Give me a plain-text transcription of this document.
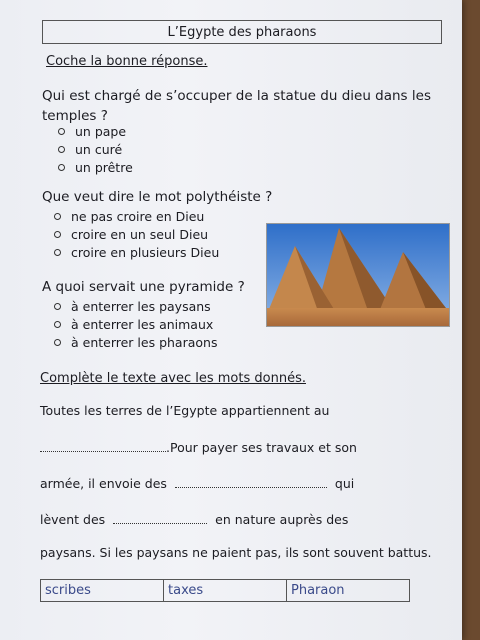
L’Egypte des pharaons
Coche la bonne réponse.
Qui est chargé de s’occuper de la statue du dieu dans les temples ?
un pape
un curé
un prêtre
Que veut dire le mot polythéiste ?
ne pas croire en Dieu
croire en un seul Dieu
croire en plusieurs Dieu
A quoi servait une pyramide ?
à enterrer les paysans
à enterrer les animaux
à enterrer les pharaons
Complète le texte avec les mots donnés.
Toutes les terres de l’Egypte appartiennent au
.Pour payer ses travaux et son
armée, il envoie des	qui
lèvent des	en nature auprès des
paysans. Si les paysans ne paient pas, ils sont souvent battus.
scribes	taxes	Pharaon
